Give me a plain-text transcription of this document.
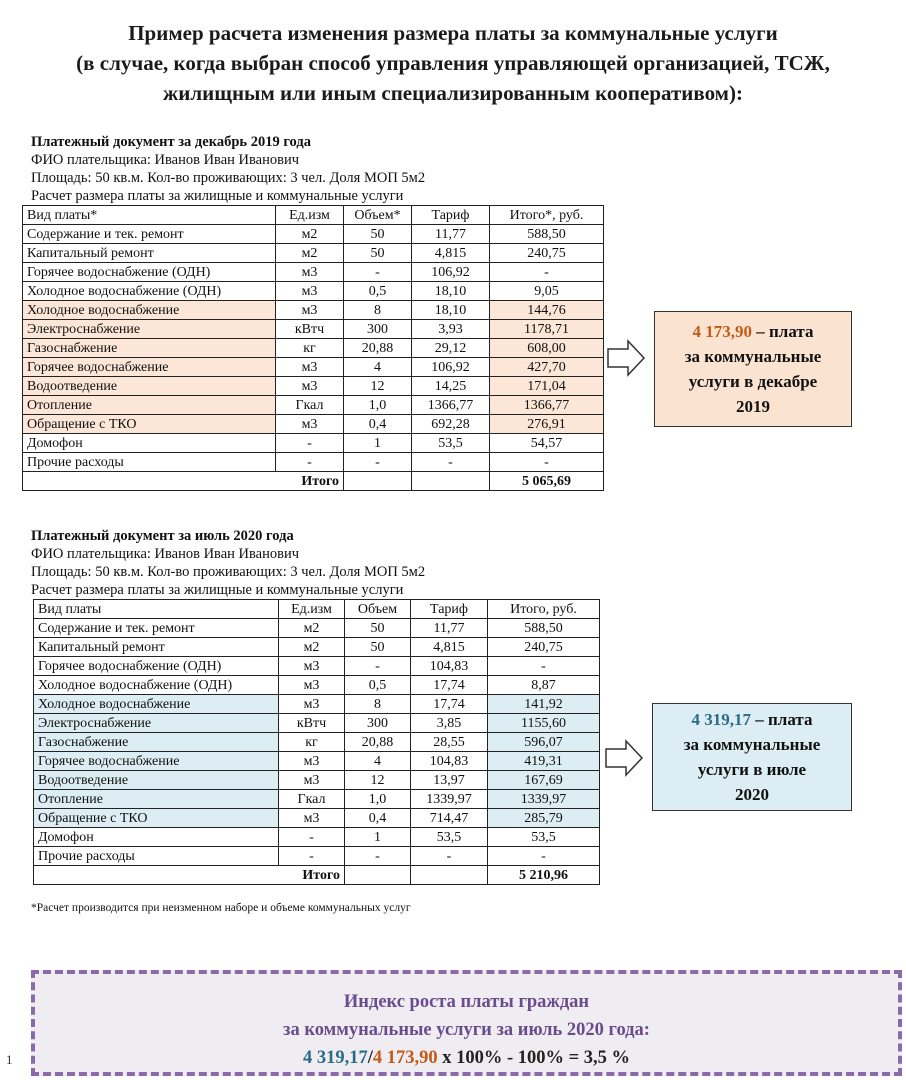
Пример расчета изменения размера платы за коммунальные услуги
(в случае, когда выбран способ управления управляющей организацией, ТСЖ,
жилищным или иным специализированным кооперативом):
Платежный документ за декабрь 2019 года
ФИО плательщика: Иванов Иван Иванович
Площадь: 50 кв.м. Кол-во проживающих: 3 чел. Доля МОП 5м2
Расчет размера платы за жилищные и коммунальные услуги
Вид платы*	Ед.изм	Объем*	Тариф	Итого*, руб.
Содержание и тек. ремонт	м2	50	11,77	588,50
Капитальный ремонт	м2	50	4,815	240,75
Горячее водоснабжение (ОДН)	м3	-	106,92	-
Холодное водоснабжение (ОДН)	м3	0,5	18,10	9,05
Холодное водоснабжение	м3	8	18,10	144,76
Электроснабжение	кВтч	300	3,93	1178,71
Газоснабжение	кг	20,88	29,12	608,00
Горячее водоснабжение	м3	4	106,92	427,70
Водоотведение	м3	12	14,25	171,04
Отопление	Гкал	1,0	1366,77	1366,77
Обращение с ТКО	м3	0,4	692,28	276,91
Домофон	-	1	53,5	54,57
Прочие расходы	-	-	-	-
Итого				5 065,69
4 173,90 – плата
за коммунальные
услуги в декабре
2019
Платежный документ за июль 2020 года
ФИО плательщика: Иванов Иван Иванович
Площадь: 50 кв.м. Кол-во проживающих: 3 чел. Доля МОП 5м2
Расчет размера платы за жилищные и коммунальные услуги
Вид платы	Ед.изм	Объем	Тариф	Итого, руб.
Содержание и тек. ремонт	м2	50	11,77	588,50
Капитальный ремонт	м2	50	4,815	240,75
Горячее водоснабжение (ОДН)	м3	-	104,83	-
Холодное водоснабжение (ОДН)	м3	0,5	17,74	8,87
Холодное водоснабжение	м3	8	17,74	141,92
Электроснабжение	кВтч	300	3,85	1155,60
Газоснабжение	кг	20,88	28,55	596,07
Горячее водоснабжение	м3	4	104,83	419,31
Водоотведение	м3	12	13,97	167,69
Отопление	Гкал	1,0	1339,97	1339,97
Обращение с ТКО	м3	0,4	714,47	285,79
Домофон	-	1	53,5	53,5
Прочие расходы	-	-	-	-
Итого				5 210,96
4 319,17 – плата
за коммунальные
услуги в июле
2020
*Расчет производится при неизменном наборе и объеме коммунальных услуг
Индекс роста платы граждан
за коммунальные услуги за июль 2020 года:
4 319,17/4 173,90 х 100% - 100% = 3,5 %
1
